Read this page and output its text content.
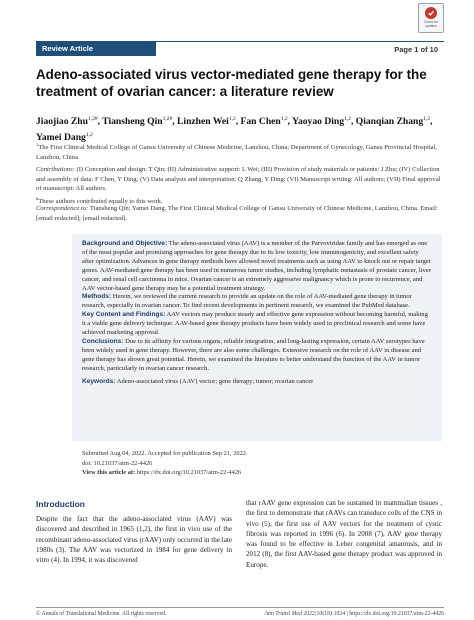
Review Article	Page 1 of 10
Check for updates
Adeno-associated virus vector-mediated gene therapy for the treatment of ovarian cancer: a literature review
Jiaojiao Zhu$^{1,2\#}$, Tiansheng Qin$^{1,2\#}$, Linzhen Wei$^{1,2}$, Fan Chen$^{1,2}$, Yaoyao Ding$^{1,2}$, Qianqian Zhang$^{1,2}$, Yamei Dang$^{1,2}$
$^1$The First Clinical Medical College of Gansu University of Chinese Medicine, Lanzhou, China; Department of Gynecology, Gansu Provincial Hospital, Lanzhou, China
Contributions: (I) Conception and design: T Qin; (II) Administrative support: L Wei; (III) Provision of study materials or patients: J Zhu; (IV) Collection and assembly of data: F Chen, Y Ding; (V) Data analysis and interpretation: Q Zhang, Y Ding; (VI) Manuscript writing: All authors; (VII) Final approval of manuscript: All authors.
#These authors contributed equally to this work.
Correspondence to: Tiansheng Qin; Yamei Dang. The First Clinical Medical College of Gansu University of Chinese Medicine, Lanzhou, China. Email: [email redacted]; [email redacted].

Background and Objective: The adeno-associated virus (AAV) is a member of the Parvoviridae family and has emerged as one of the most popular and promising approaches for gene therapy due to its low toxicity, low immunogenicity, and excellent safety after optimization. Advances in gene therapy methods have allowed novel treatments such as using AAV to knock out or repair target genes. AAV-mediated gene therapy has been used in numerous tumor studies, including lymphatic metastasis of prostate cancer, liver cancer, and renal cell carcinoma in mice. Ovarian cancer is an extremely aggressive malignancy which is prone to recurrence, and AAV vector-based gene therapy may be a potential treatment strategy.

Methods: Herein, we reviewed the current research to provide an update on the role of AAV-mediated gene therapy in tumor research, especially in ovarian cancer. To find recent developments in pertinent research, we examined the PubMed database.

Key Content and Findings: AAV vectors may produce steady and effective gene expression without becoming harmful, making it a viable gene delivery technique. AAV-based gene therapy products have been widely used in preclinical research and some have achieved marketing approval.

Conclusions: Due to its affinity for various organs, reliable integration, and long-lasting expression, certain AAV serotypes have been widely used in gene therapy. However, there are also some challenges. Extensive research on the role of AAV in disease and gene therapy has shown great potential. Herein, we examined the literature to better understand the function of the AAV in tumor research, particularly in ovarian cancer research.

Keywords: Adeno-associated virus (AAV) vector; gene therapy; tumor; ovarian cancer

Submitted Aug 04, 2022. Accepted for publication Sep 21, 2022.
doi: 10.21037/atm-22-4426
View this article at: https://dx.doi.org/10.21037/atm-22-4426
Introduction

Despite the fact that the adeno-associated virus (AAV) was discovered and described in 1965 (1,2), the first in vivo use of the recombinant adeno-associated virus (rAAV) only occurred in the late 1980s (3). The AAV was vectorized in 1984 for gene delivery in vitro (4). In 1994, it was discovered

that rAAV gene expression can be sustained in mammalian tissues , the first to demonstrate that rAAVs can transduce cells of the CNS in vivo (5), the first use of AAV vectors for the treatment of cystic fibrosis was reported in 1996 (6). In 2008 (7), AAV gene therapy was found to be effective in Leber congenital amaurosis, and in 2012 (8), the first AAV-based gene therapy product was approved in Europe.

© Annals of Translational Medicine. All rights reserved.	Ann Transl Med 2022;10(18):1024 | https://dx.doi.org/10.21037/atm-22-4426
